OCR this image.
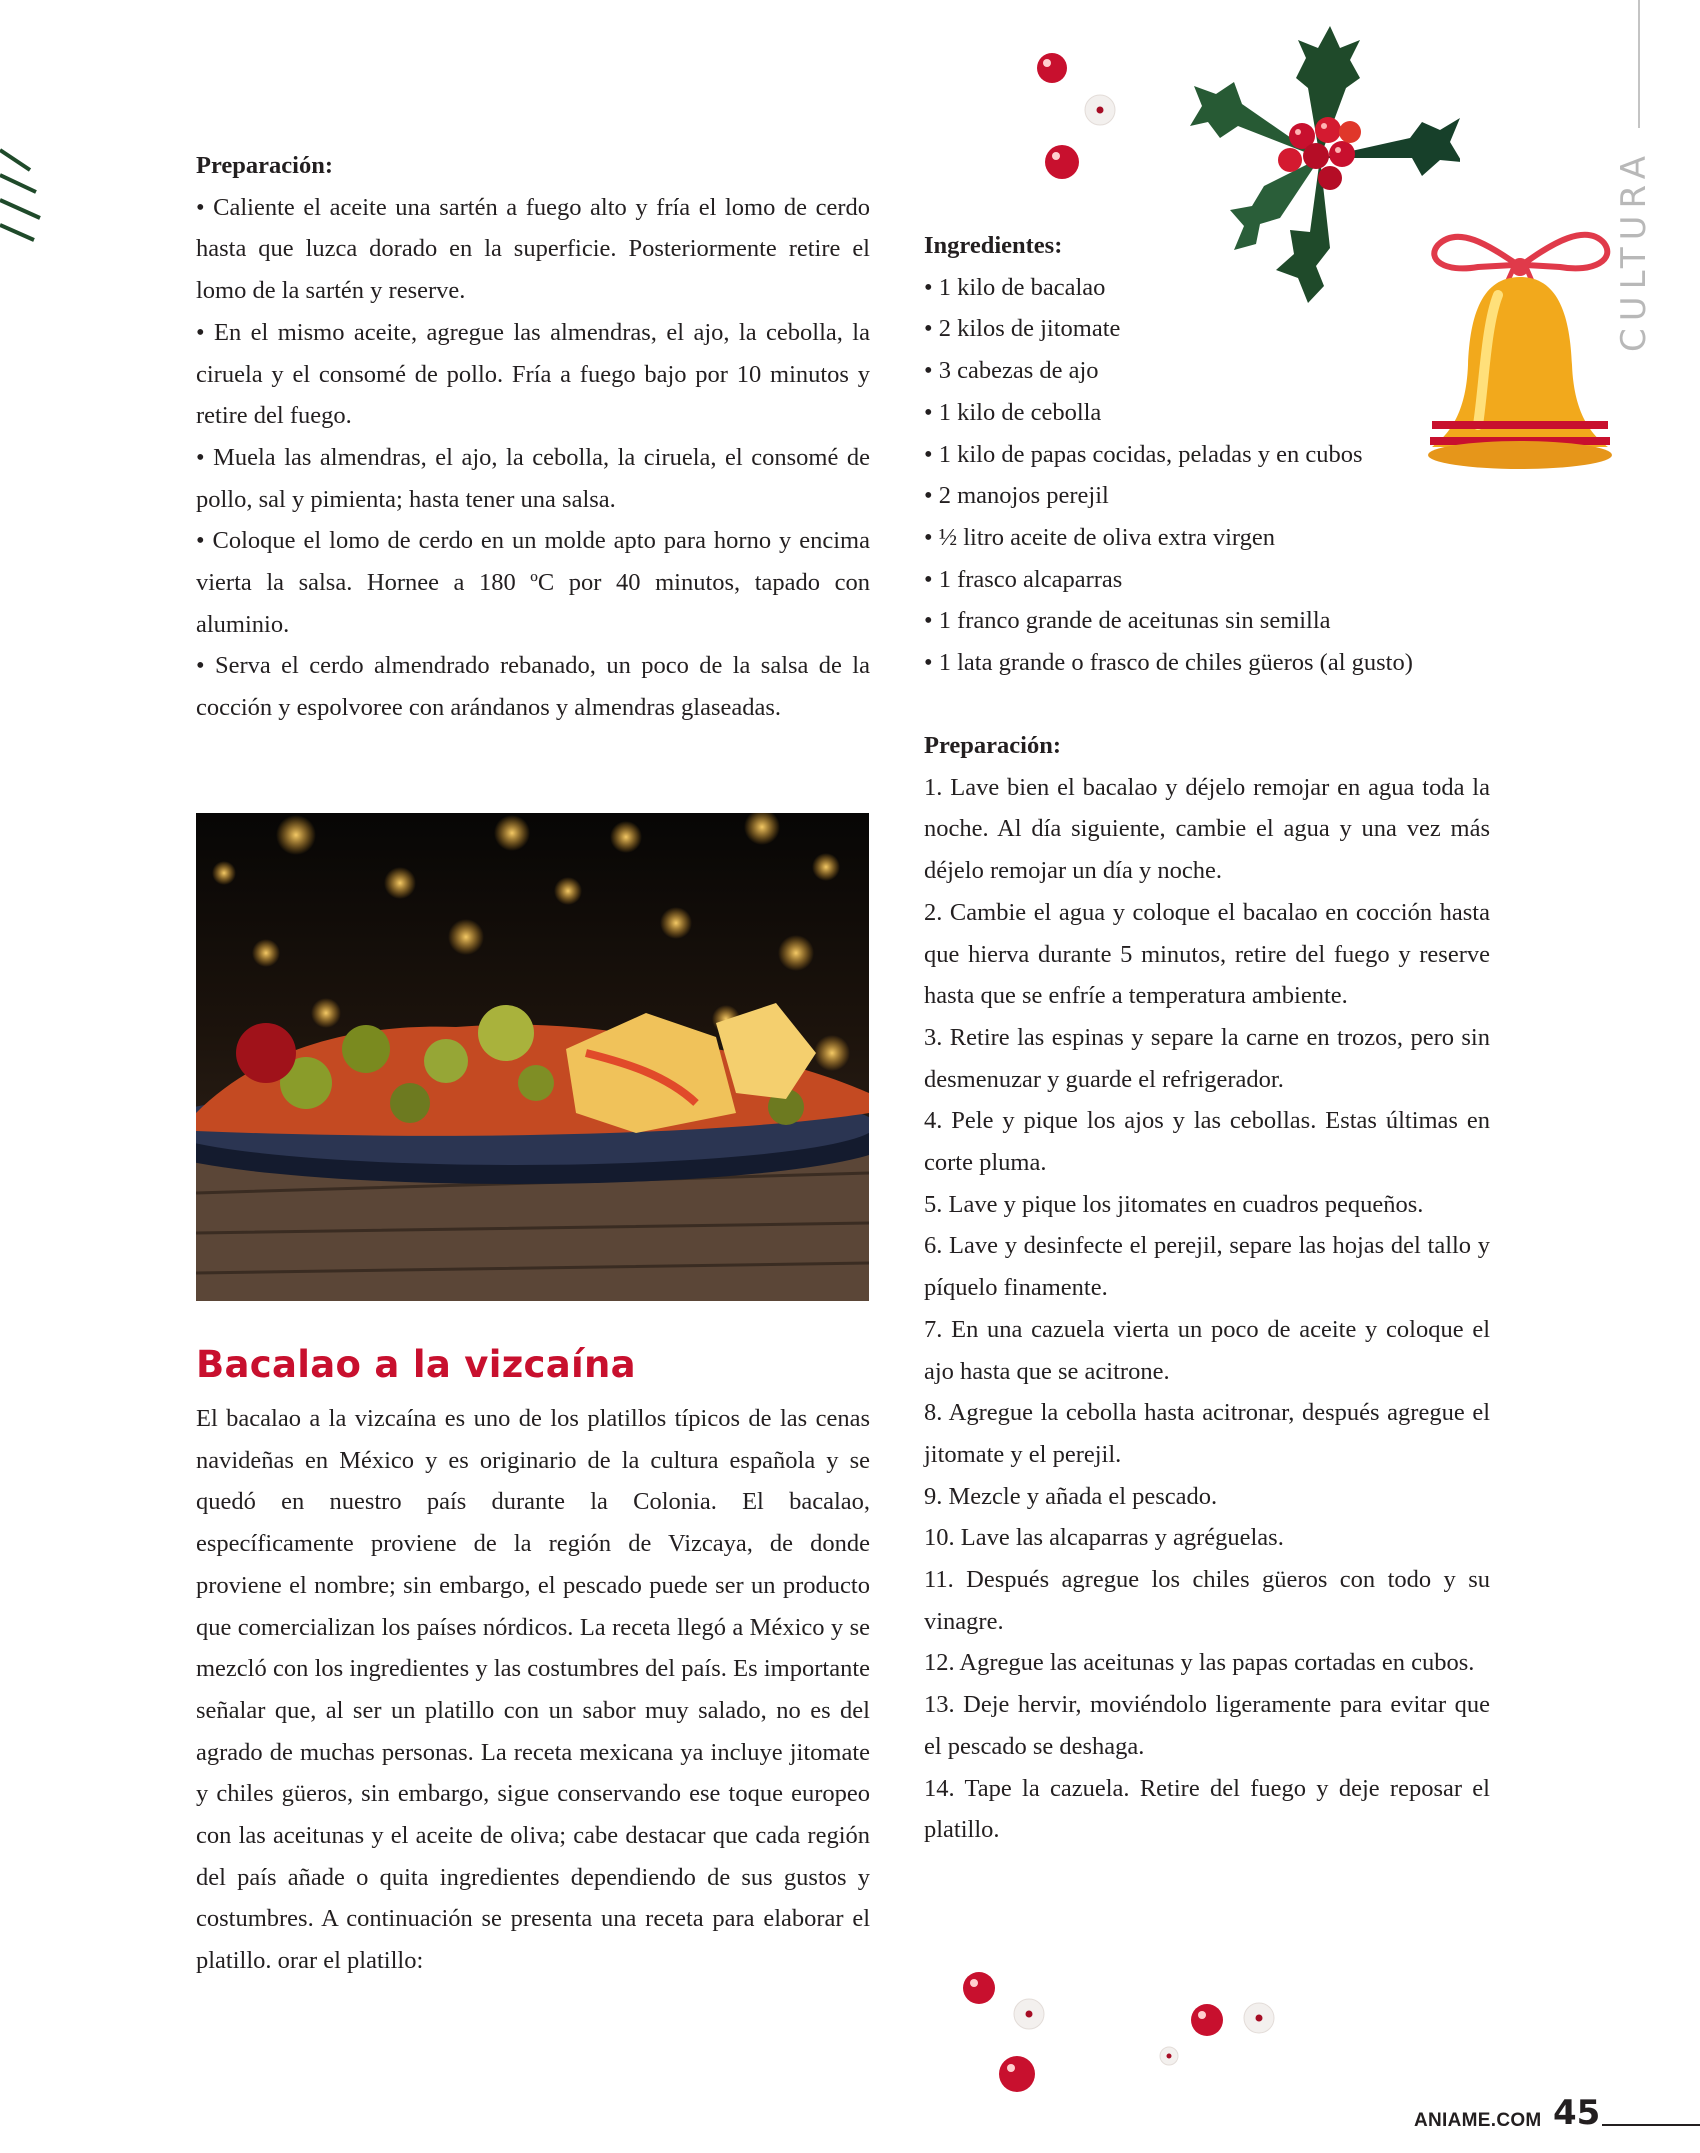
CULTURA

Preparación:

• Caliente el aceite una sartén a fuego alto y fría el lomo de cerdo hasta que luzca dorado en la superficie. Posteriormente retire el lomo de la sartén y reserve.
• En el mismo aceite, agregue las almendras, el ajo, la cebolla, la ciruela y el consomé de pollo. Fría a fuego bajo por 10 minutos y retire del fuego.
• Muela las almendras, el ajo, la cebolla, la ciruela, el consomé de pollo, sal y pimienta; hasta tener una salsa.
• Coloque el lomo de cerdo en un molde apto para horno y encima vierta la salsa. Hornee a 180 ºC por 40 minutos, tapado con aluminio.
• Serva el cerdo almendrado rebanado, un poco de la salsa de la cocción y espolvoree con arándanos y almendras glaseadas.
Bacalao a la vizcaína

El bacalao a la vizcaína es uno de los platillos típicos de las cenas navideñas en México y es originario de la cultura española y se quedó en nuestro país durante la Colonia. El bacalao, específicamente proviene de la región de Vizcaya, de donde proviene el nombre; sin embargo, el pescado puede ser un producto que comercializan los países nórdicos. La receta llegó a México y se mezcló con los ingredientes y las costumbres del país. Es importante señalar que, al ser un platillo con un sabor muy salado, no es del agrado de muchas personas. La receta mexicana ya incluye jitomate y chiles güeros, sin embargo, sigue conservando ese toque europeo con las aceitunas y el aceite de oliva; cabe destacar que cada región del país añade o quita ingredientes dependiendo de sus gustos y costumbres. A continuación se presenta una receta para elaborar el platillo. orar el platillo:

Ingredientes:

• 1 kilo de bacalao
• 2 kilos de jitomate
• 3 cabezas de ajo
• 1 kilo de cebolla
• 1 kilo de papas cocidas, peladas y en cubos
• 2 manojos perejil
• ½ litro aceite de oliva extra virgen
• 1 frasco alcaparras
• 1 franco grande de aceitunas sin semilla
• 1 lata grande o frasco de chiles güeros (al gusto)

Preparación:

1. Lave bien el bacalao y déjelo remojar en agua toda la noche. Al día siguiente, cambie el agua y una vez más déjelo remojar un día y noche.
2. Cambie el agua y coloque el bacalao en cocción hasta que hierva durante 5 minutos, retire del fuego y reserve hasta que se enfríe a temperatura ambiente.
3. Retire las espinas y separe la carne en trozos, pero sin desmenuzar y guarde el refrigerador.
4. Pele y pique los ajos y las cebollas. Estas últimas en corte pluma.
5. Lave y pique los jitomates en cuadros pequeños.
6. Lave y desinfecte el perejil, separe las hojas del tallo y píquelo finamente.
7. En una cazuela vierta un poco de aceite y coloque el ajo hasta que se acitrone.
8. Agregue la cebolla hasta acitronar, después agregue el jitomate y el perejil.
9. Mezcle y añada el pescado.
10. Lave las alcaparras y agréguelas.
11. Después agregue los chiles güeros con todo y su vinagre.
12. Agregue las aceitunas y las papas cortadas en cubos.
13. Deje hervir, moviéndolo ligeramente para evitar que el pescado se deshaga.
14. Tape la cazuela. Retire del fuego y deje reposar el platillo.
ANIAME.COM 45
